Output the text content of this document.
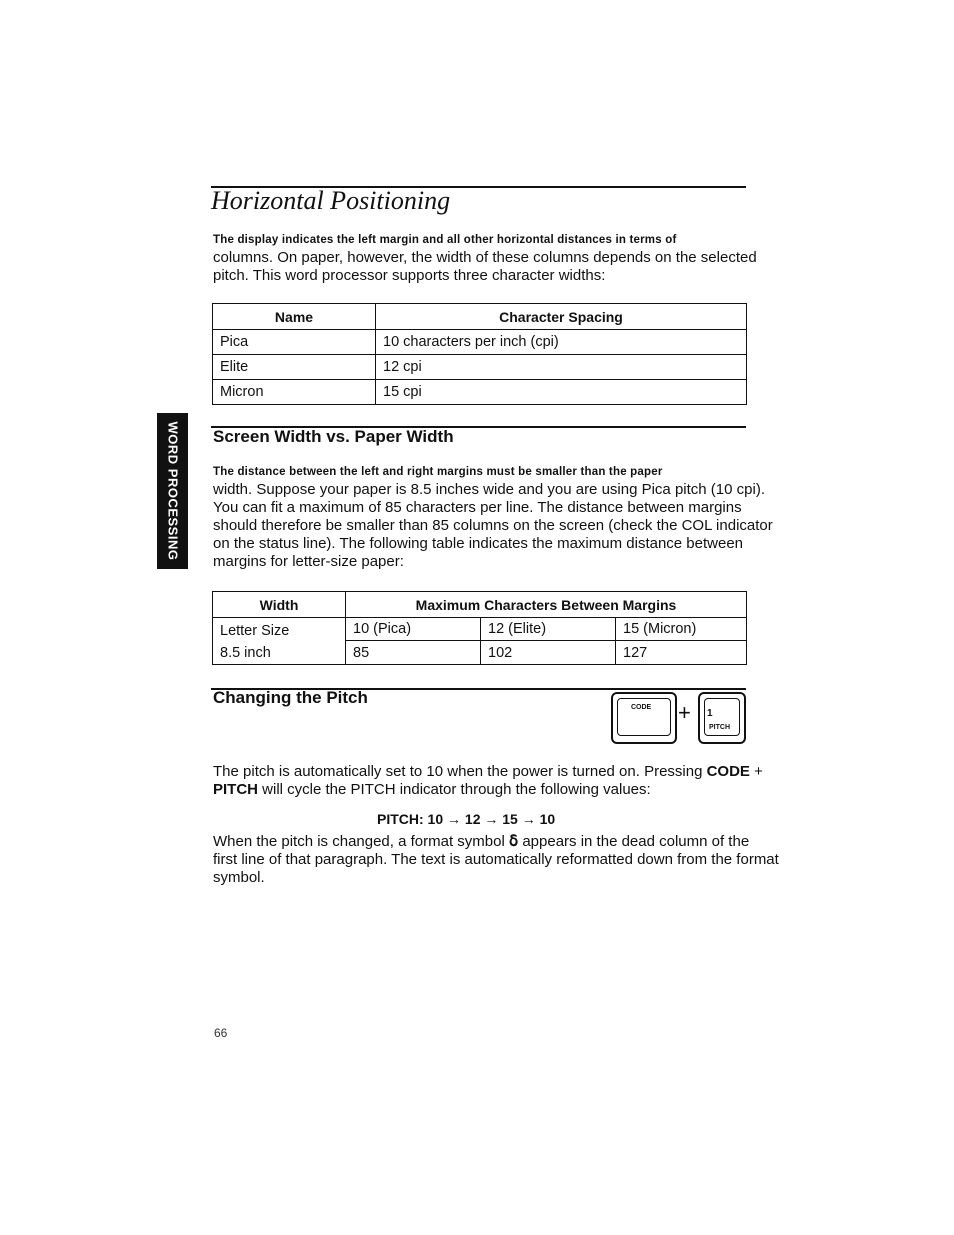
Horizontal Positioning
The display indicates the left margin and all other horizontal distances in terms of
columns. On paper, however, the width of these columns depends on the selected
pitch. This word processor supports three character widths:
Name	Character Spacing
Pica	10 characters per inch (cpi)
Elite	12 cpi
Micron	15 cpi
WORD PROCESSING Screen Width vs. Paper Width
The distance between the left and right margins must be smaller than the paper
width. Suppose your paper is 8.5 inches wide and you are using Pica pitch (10 cpi).
You can fit a maximum of 85 characters per line. The distance between margins
should therefore be smaller than 85 columns on the screen (check the COL indicator
on the status line). The following table indicates the maximum distance between
margins for letter-size paper:
Width	Maximum Characters Between Margins		

Letter Size
8.5 inch	10 (Pica)	12 (Elite)	15 (Micron)
	85	102	127
Changing the Pitch
CODE + 1
PITCH
The pitch is automatically set to 10 when the power is turned on. Pressing CODE +
PITCH will cycle the PITCH indicator through the following values:
PITCH: 10 → 12 → 15 → 10
When the pitch is changed, a format symbol ẟ appears in the dead column of the
first line of that paragraph. The text is automatically reformatted down from the format
symbol.
66
